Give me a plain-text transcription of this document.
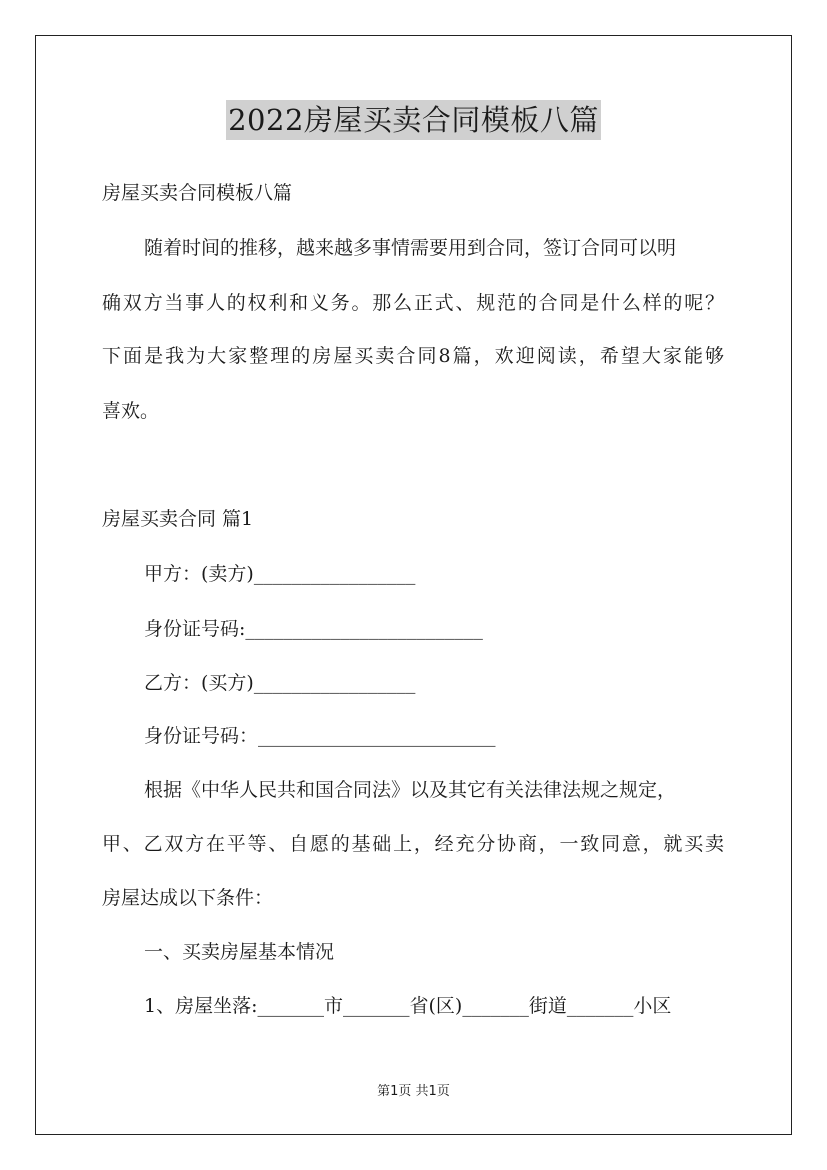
2022房屋买卖合同模板八篇
房屋买卖合同模板八篇
随着时间的推移，越来越多事情需要用到合同，签订合同可以明
确双方当事人的权利和义务。那么正式、规范的合同是什么样的呢？
下面是我为大家整理的房屋买卖合同8篇，欢迎阅读，希望大家能够
喜欢。
房屋买卖合同 篇1
甲方：(卖方)_________________
身份证号码:_________________________
乙方：(买方)_________________
身份证号码：_________________________
根据《中华人民共和国合同法》以及其它有关法律法规之规定，
甲、乙双方在平等、自愿的基础上，经充分协商，一致同意，就买卖
房屋达成以下条件：
一、买卖房屋基本情况
1、房屋坐落:_______市_______省(区)_______街道_______小区
第1页 共1页
